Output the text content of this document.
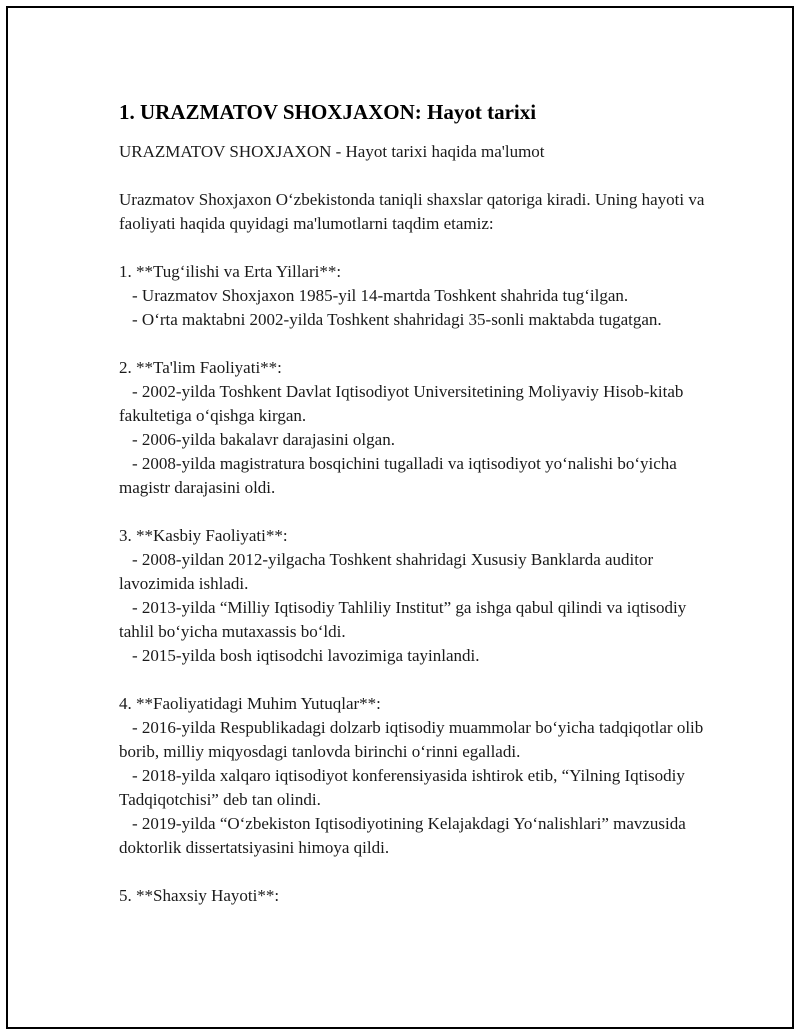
1. URAZMATOV SHOXJAXON: Hayot tarixi
URAZMATOV SHOXJAXON - Hayot tarixi haqida ma'lumot
Urazmatov Shoxjaxon O‘zbekistonda taniqli shaxslar qatoriga kiradi. Uning hayoti va faoliyati haqida quyidagi ma'lumotlarni taqdim etamiz:
1. **Tug‘ilishi va Erta Yillari**:
- Urazmatov Shoxjaxon 1985-yil 14-martda Toshkent shahrida tug‘ilgan.
- O‘rta maktabni 2002-yilda Toshkent shahridagi 35-sonli maktabda tugatgan.
2. **Ta'lim Faoliyati**:
- 2002-yilda Toshkent Davlat Iqtisodiyot Universitetining Moliyaviy Hisob-kitab fakultetiga o‘qishga kirgan.
- 2006-yilda bakalavr darajasini olgan.
- 2008-yilda magistratura bosqichini tugalladi va iqtisodiyot yo‘nalishi bo‘yicha magistr darajasini oldi.
3. **Kasbiy Faoliyati**:
- 2008-yildan 2012-yilgacha Toshkent shahridagi Xususiy Banklarda auditor lavozimida ishladi.
- 2013-yilda “Milliy Iqtisodiy Tahliliy Institut” ga ishga qabul qilindi va iqtisodiy tahlil bo‘yicha mutaxassis bo‘ldi.
- 2015-yilda bosh iqtisodchi lavozimiga tayinlandi.
4. **Faoliyatidagi Muhim Yutuqlar**:
- 2016-yilda Respublikadagi dolzarb iqtisodiy muammolar bo‘yicha tadqiqotlar olib borib, milliy miqyosdagi tanlovda birinchi o‘rinni egalladi.
- 2018-yilda xalqaro iqtisodiyot konferensiyasida ishtirok etib, “Yilning Iqtisodiy Tadqiqotchisi” deb tan olindi.
- 2019-yilda “O‘zbekiston Iqtisodiyotining Kelajakdagi Yo‘nalishlari” mavzusida doktorlik dissertatsiyasini himoya qildi.
5. **Shaxsiy Hayoti**:
